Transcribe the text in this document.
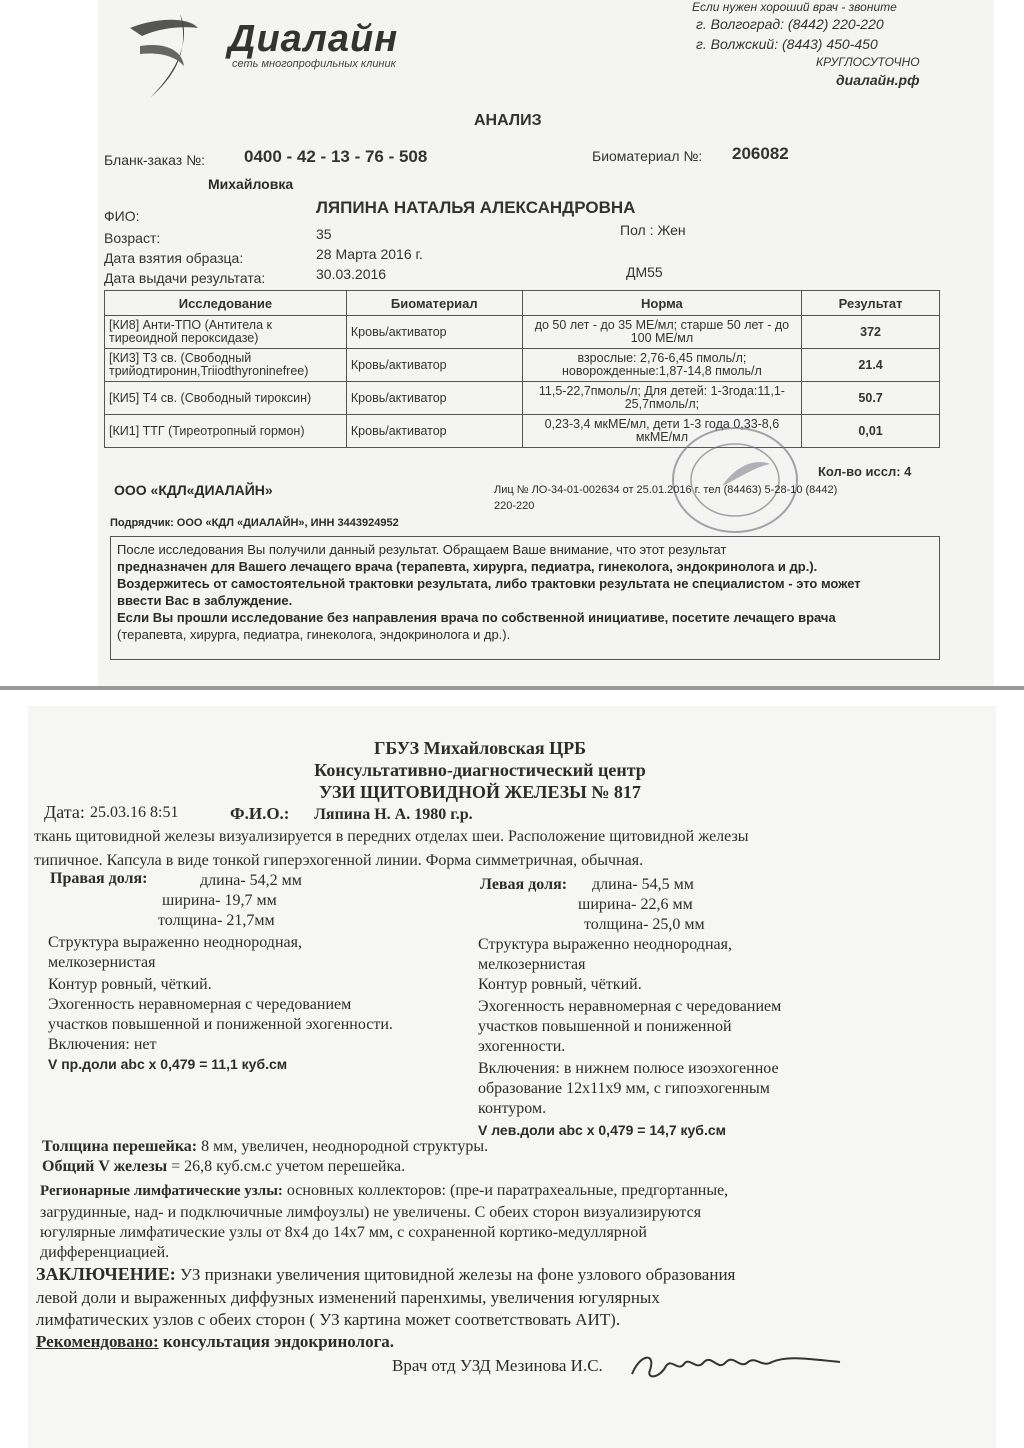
Если нужен хороший врач - звоните
Диалайн
сеть многопрофильных клиник
г. Волгоград: (8442) 220-220
г. Волжский: (8443) 450-450
КРУГЛОСУТОЧНО
диалайн.рф
АНАЛИЗ
Бланк-заказ №: 0400 - 42 - 13 - 76 - 508	Биоматериал №: 206082
Михайловка
ФИО:	ЛЯПИНА НАТАЛЬЯ АЛЕКСАНДРОВНА
Возраст:	35	Пол : Жен
Дата взятия образца:	28 Марта 2016 г.
Дата выдачи результата:	30.03.2016	ДМ55
Исследование	Биоматериал	Норма	Результат
[КИ8] Анти-ТПО (Антитела к тиреоидной пероксидазе)	Кровь/активатор	до 50 лет - до 35 МЕ/мл; старше 50 лет - до 100 МЕ/мл	372
[КИ3] Т3 св. (Свободный трийодтиронин,Triiodthyroninefree)	Кровь/активатор	взрослые: 2,76-6,45 пмоль/л; новорожденные:1,87-14,8 пмоль/л	21.4
[КИ5] Т4 св. (Свободный тироксин)	Кровь/активатор	11,5-22,7пмоль/л; Для детей: 1-3года:11,1-25,7пмоль/л;	50.7
[КИ1] ТТГ (Тиреотропный гормон)	Кровь/активатор	0,23-3,4 мкМЕ/мл, дети 1-3 года 0,33-8,6 мкМЕ/мл	0,01
Кол-во иссл: 4
ООО «КДЛ«ДИАЛАЙН»	Лиц № ЛО-34-01-002634 от 25.01.2016 г. тел (84463) 5-28-10 (8442)
220-220
Подрядчик: ООО «КДЛ «ДИАЛАЙН», ИНН 3443924952
После исследования Вы получили данный результат. Обращаем Ваше внимание, что этот результат
предназначен для Вашего лечащего врача (терапевта, хирурга, педиатра, гинеколога, эндокринолога и др.).
Воздержитесь от самостоятельной трактовки результата, либо трактовки результата не специалистом - это может
ввести Вас в заблуждение.
Если Вы прошли исследование без направления врача по собственной инициативе, посетите лечащего врача
(терапевта, хирурга, педиатра, гинеколога, эндокринолога и др.).
ГБУЗ Михайловская ЦРБ
Консультативно-диагностический центр
УЗИ ЩИТОВИДНОЙ ЖЕЛЕЗЫ № 817
Дата: 25.03.16 8:51	Ф.И.О.: Ляпина Н. А. 1980 г.р.
ткань щитовидной железы визуализируется в передних отделах шеи. Расположение щитовидной железы
типичное. Капсула в виде тонкой гиперэхогенной линии. Форма симметричная, обычная.
Правая доля:	длина- 54,2 мм
ширина- 19,7 мм
толщина- 21,7мм
Структура выраженно неоднородная,
мелкозернистая
Контур ровный, чёткий.
Эхогенность неравномерная с чередованием
участков повышенной и пониженной эхогенности.
Включения: нет
V пр.доли abc x 0,479 = 11,1 куб.см
Левая доля: длина- 54,5 мм
ширина- 22,6 мм
толщина- 25,0 мм
Структура выраженно неоднородная,
мелкозернистая
Контур ровный, чёткий.
Эхогенность неравномерная с чередованием
участков повышенной и пониженной
эхогенности.
Включения: в нижнем полюсе изоэхогенное
образование 12х11х9 мм, с гипоэхогенным
контуром.
V лев.доли abc x 0,479 = 14,7 куб.см
Толщина перешейка: 8 мм, увеличен, неоднородной структуры.
Общий V железы = 26,8 куб.см.с учетом перешейка.
Регионарные лимфатические узлы: основных коллекторов: (пре-и паратрахеальные, предгортанные,
загрудинные, над- и подключичные лимфоузлы) не увеличены. С обеих сторон визуализируются
югулярные лимфатические узлы от 8х4 до 14х7 мм, с сохраненной кортико-медуллярной
дифференциацией.
ЗАКЛЮЧЕНИЕ: УЗ признаки увеличения щитовидной железы на фоне узлового образования
левой доли и выраженных диффузных изменений паренхимы, увеличения югулярных
лимфатических узлов с обеих сторон ( УЗ картина может соответствовать АИТ).
Рекомендовано: консультация эндокринолога.
Врач отд УЗД Мезинова И.С.
